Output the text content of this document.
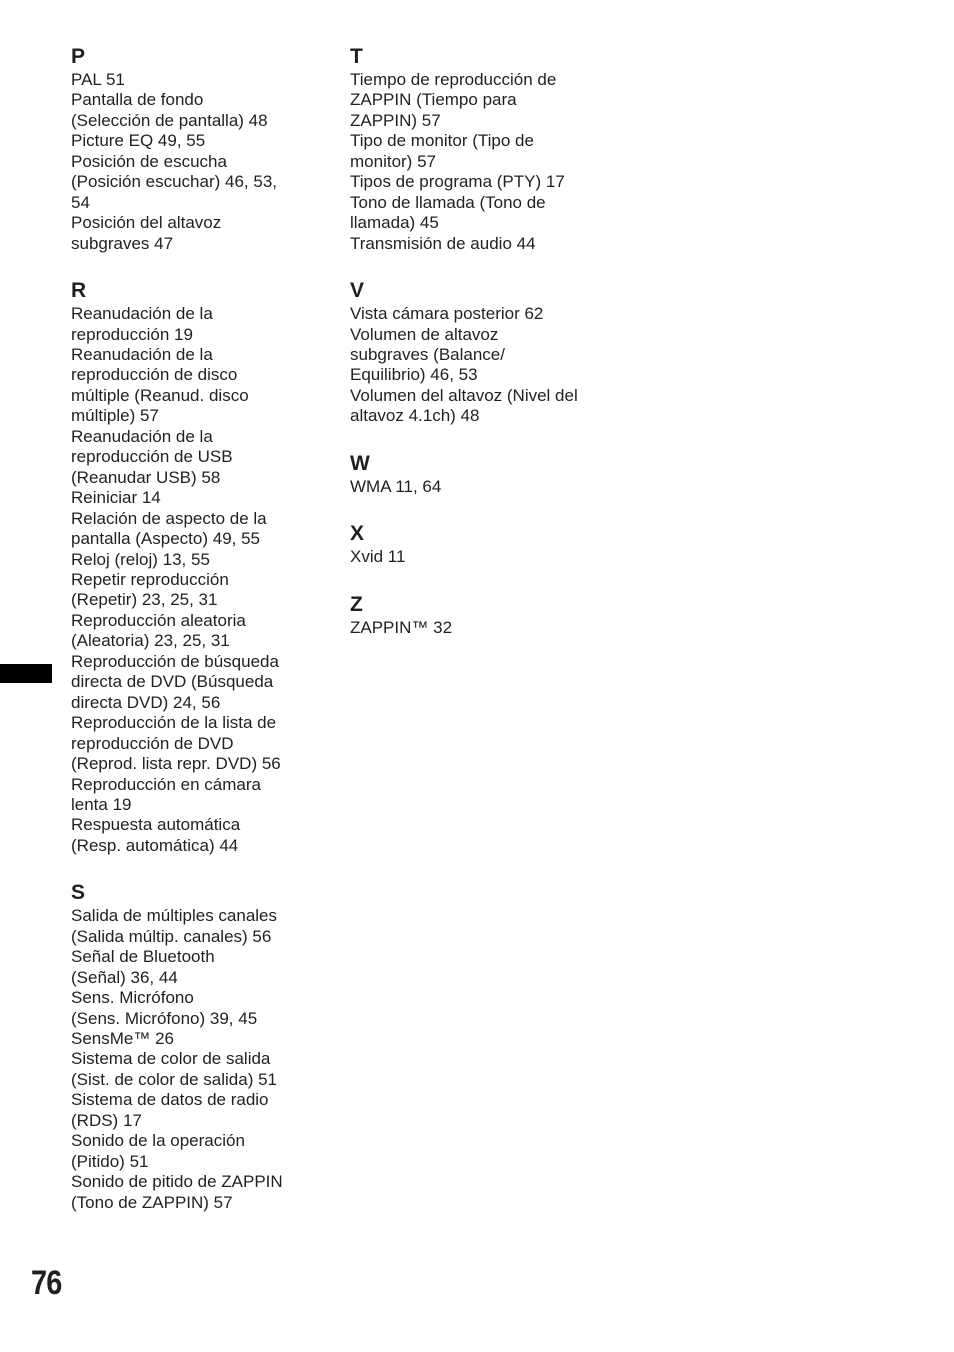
P
PAL 51
Pantalla de fondo
(Selección de pantalla) 48
Picture EQ 49, 55
Posición de escucha
(Posición escuchar) 46, 53,
54
Posición del altavoz
subgraves 47
R
Reanudación de la
reproducción 19
Reanudación de la
reproducción de disco
múltiple (Reanud. disco
múltiple) 57
Reanudación de la
reproducción de USB
(Reanudar USB) 58
Reiniciar 14
Relación de aspecto de la
pantalla (Aspecto) 49, 55
Reloj (reloj) 13, 55
Repetir reproducción
(Repetir) 23, 25, 31
Reproducción aleatoria
(Aleatoria) 23, 25, 31
Reproducción de búsqueda
directa de DVD (Búsqueda
directa DVD) 24, 56
Reproducción de la lista de
reproducción de DVD
(Reprod. lista repr. DVD) 56
Reproducción en cámara
lenta 19
Respuesta automática
(Resp. automática) 44
S
Salida de múltiples canales
(Salida múltip. canales) 56
Señal de Bluetooth
(Señal) 36, 44
Sens. Micrófono
(Sens. Micrófono) 39, 45
SensMe™ 26
Sistema de color de salida
(Sist. de color de salida) 51
Sistema de datos de radio
(RDS) 17
Sonido de la operación
(Pitido) 51
Sonido de pitido de ZAPPIN
(Tono de ZAPPIN) 57
T
Tiempo de reproducción de
ZAPPIN (Tiempo para
ZAPPIN) 57
Tipo de monitor (Tipo de
monitor) 57
Tipos de programa (PTY) 17
Tono de llamada (Tono de
llamada) 45
Transmisión de audio 44
V
Vista cámara posterior 62
Volumen de altavoz
subgraves (Balance/
Equilibrio) 46, 53
Volumen del altavoz (Nivel del
altavoz 4.1ch) 48
W
WMA 11, 64
X
Xvid 11
Z
ZAPPIN™ 32
76
